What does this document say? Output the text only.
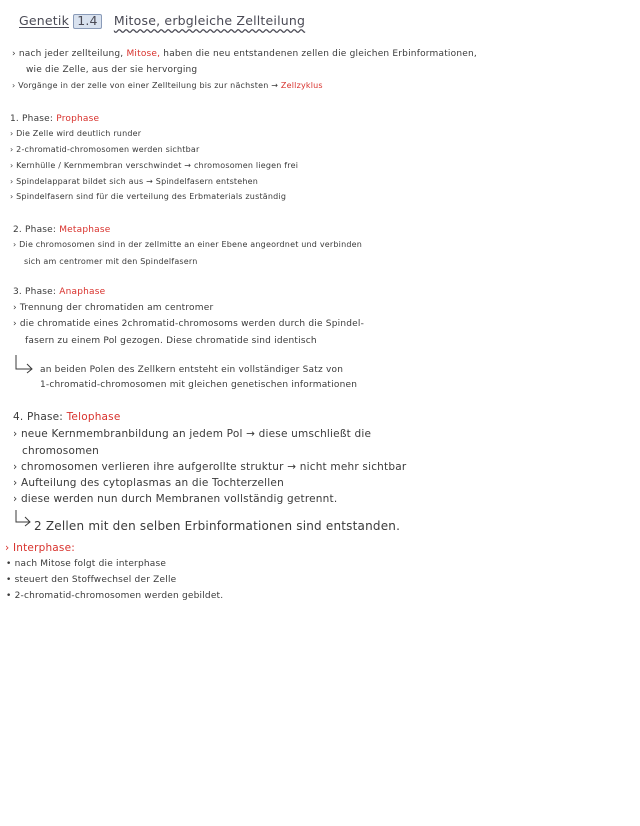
Genetik 1.4 Mitose, erbgleiche Zellteilung
› nach jeder zellteilung, Mitose, haben die neu entstandenen zellen die gleichen Erbinformationen,
wie die Zelle, aus der sie hervorging
› Vorgänge in der zelle von einer Zellteilung bis zur nächsten → Zellzyklus
1. Phase: Prophase
› Die Zelle wird deutlich runder
› 2-chromatid-chromosomen werden sichtbar
› Kernhülle / Kernmembran verschwindet → chromosomen liegen frei
› Spindelapparat bildet sich aus → Spindelfasern entstehen
› Spindelfasern sind für die verteilung des Erbmaterials zuständig
2. Phase: Metaphase
› Die chromosomen sind in der zellmitte an einer Ebene angeordnet und verbinden
sich am centromer mit den Spindelfasern
3. Phase: Anaphase
› Trennung der chromatiden am centromer
› die chromatide eines 2chromatid-chromosoms werden durch die Spindel-
fasern zu einem Pol gezogen. Diese chromatide sind identisch
an beiden Polen des Zellkern entsteht ein vollständiger Satz von
1-chromatid-chromosomen mit gleichen genetischen informationen
4. Phase: Telophase
› neue Kernmembranbildung an jedem Pol → diese umschließt die
chromosomen
› chromosomen verlieren ihre aufgerollte struktur → nicht mehr sichtbar
› Aufteilung des cytoplasmas an die Tochterzellen
› diese werden nun durch Membranen vollständig getrennt.
2 Zellen mit den selben Erbinformationen sind entstanden.
› Interphase:
• nach Mitose folgt die interphase
• steuert den Stoffwechsel der Zelle
• 2-chromatid-chromosomen werden gebildet.
